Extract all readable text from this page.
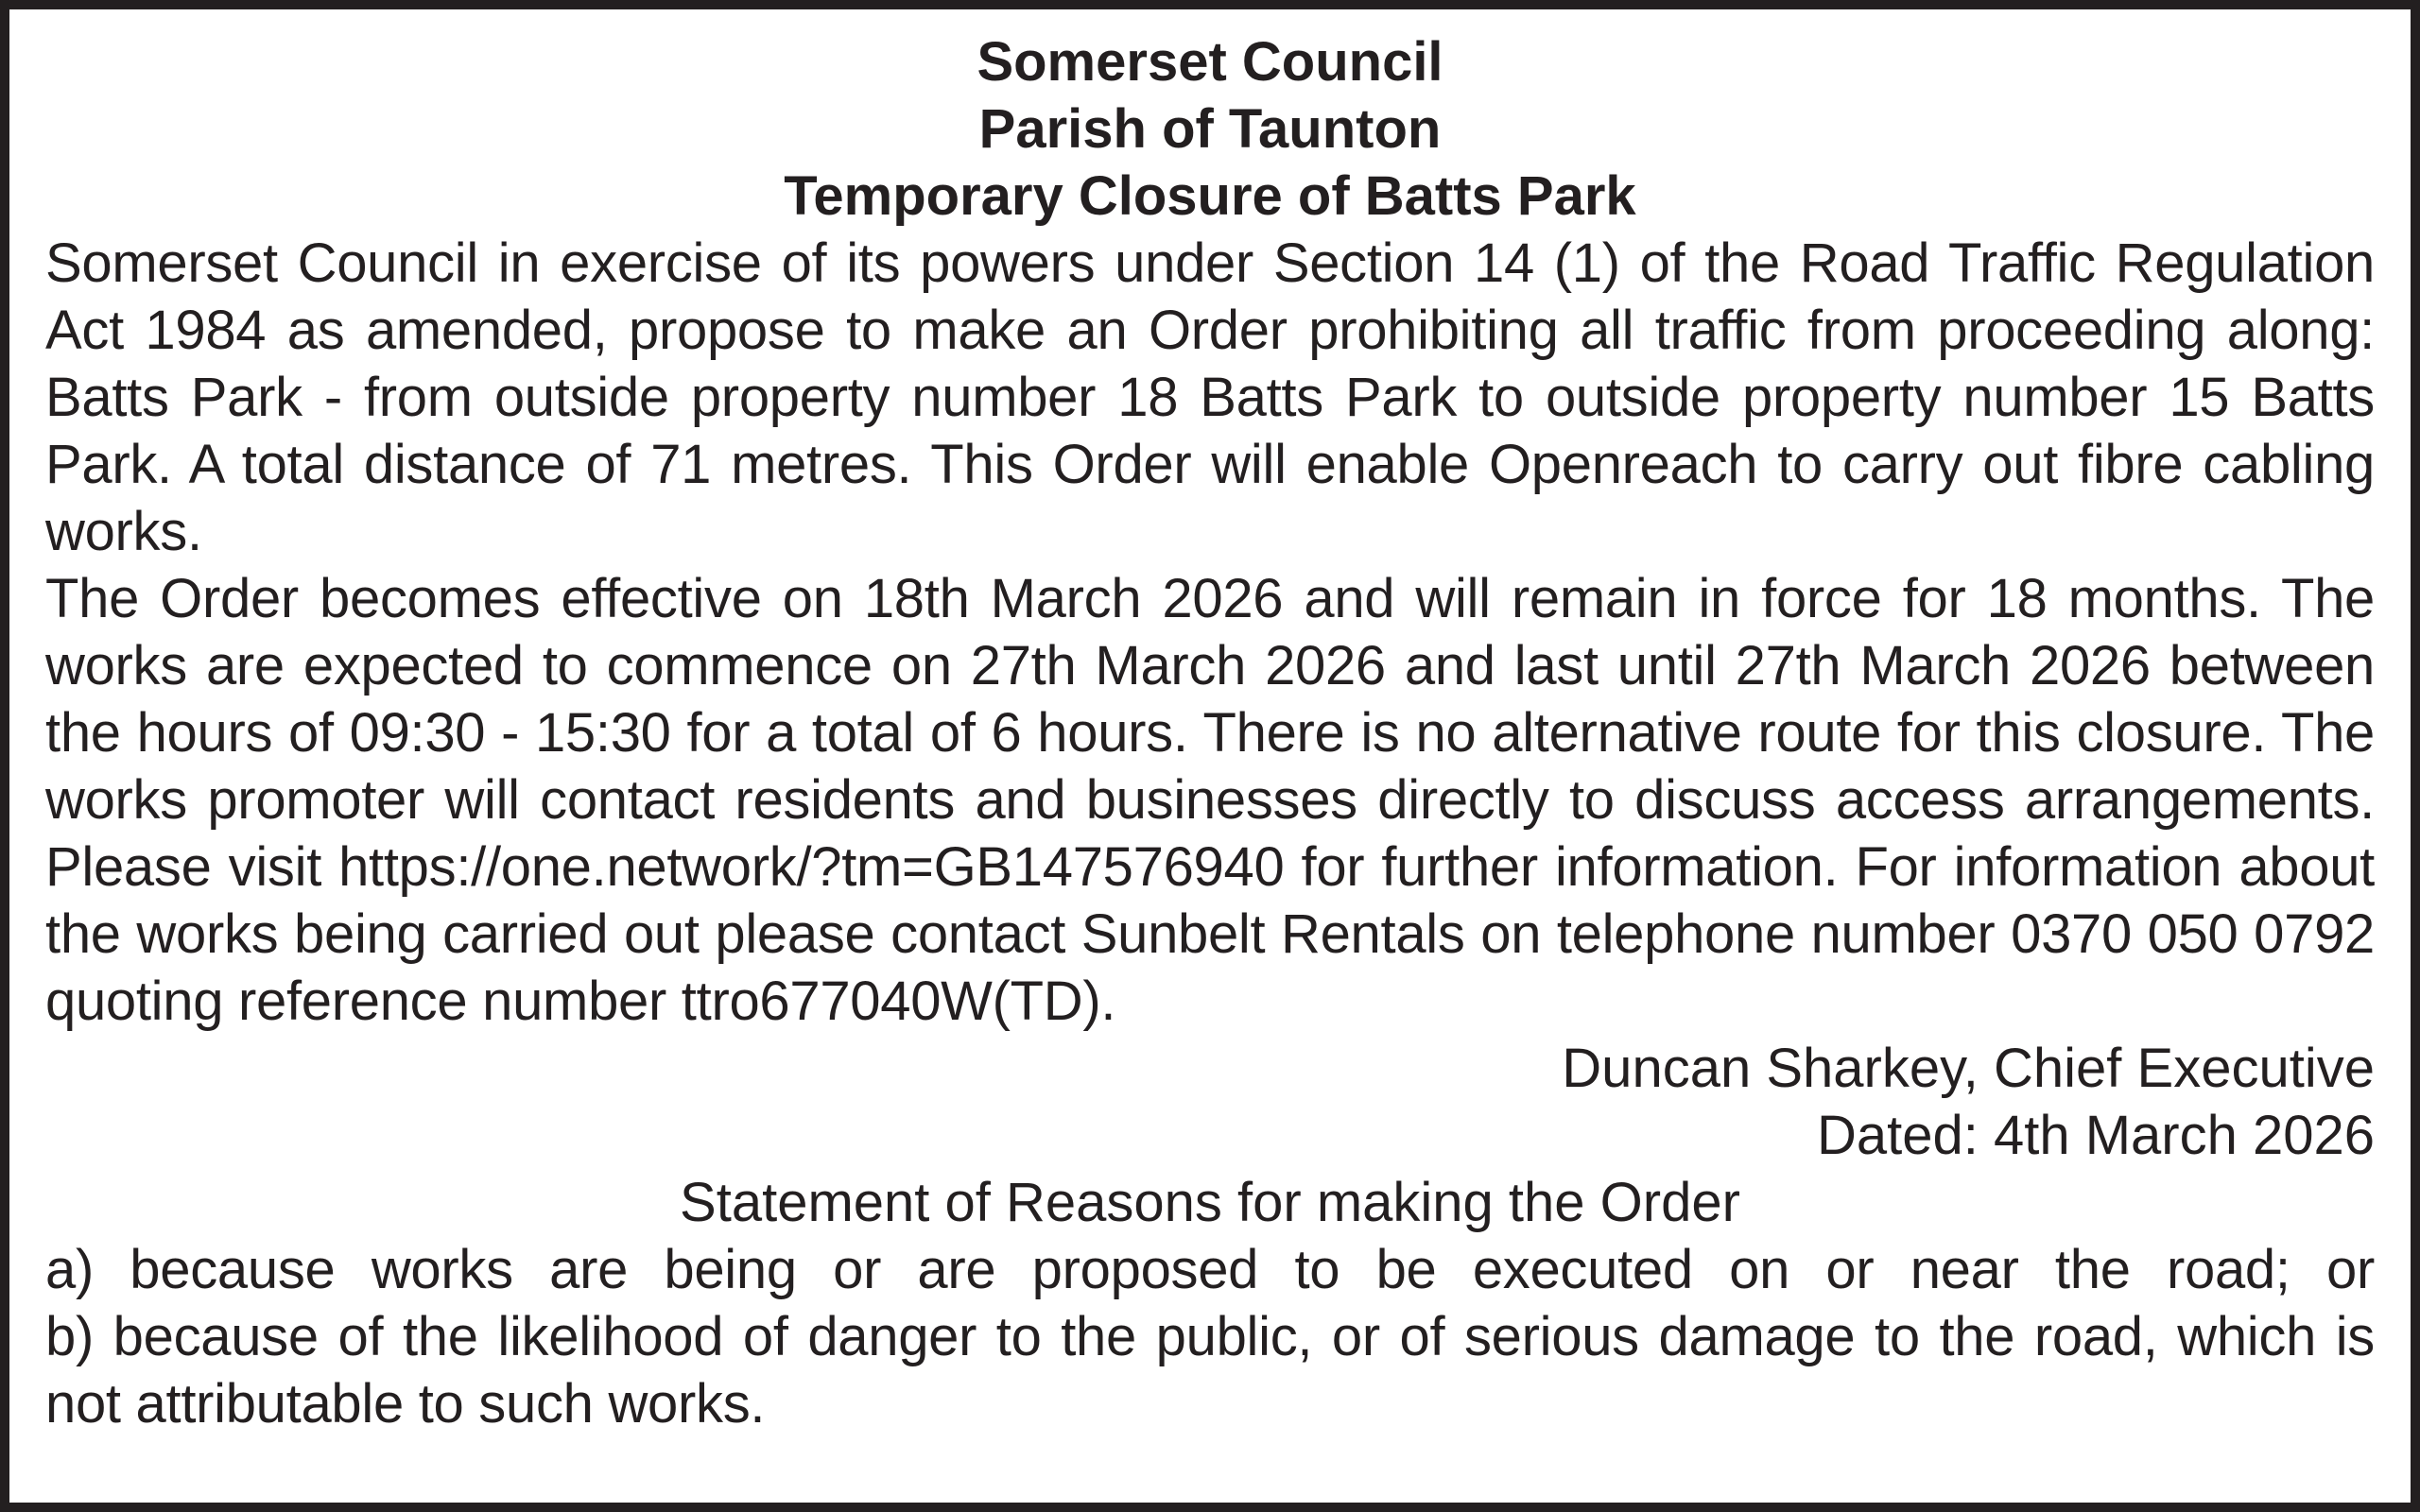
Somerset Council

Parish of Taunton

Temporary Closure of Batts Park

Somerset Council in exercise of its powers under Section 14 (1) of the Road Traffic Regulation Act 1984 as amended, propose to make an Order prohibiting all traffic from proceeding along: Batts Park - from outside property number 18 Batts Park to outside property number 15 Batts Park. A total distance of 71 metres. This Order will enable Openreach to carry out fibre cabling works.

The Order becomes effective on 18th March 2026 and will remain in force for 18 months. The works are expected to commence on 27th March 2026 and last until 27th March 2026 between the hours of 09:30 - 15:30 for a total of 6 hours. There is no alternative route for this closure. The works promoter will contact residents and businesses directly to discuss access arrangements. Please visit https://one.network/?tm=GB147576940 for further information. For information about the works being carried out please contact Sunbelt Rentals on telephone number 0370 050 0792 quoting reference number ttro677040W(TD).

Duncan Sharkey, Chief Executive

Dated: 4th March 2026

Statement of Reasons for making the Order

a) because works are being or are proposed to be executed on or near the road; or

b) because of the likelihood of danger to the public, or of serious damage to the road, which is not attributable to such works.
